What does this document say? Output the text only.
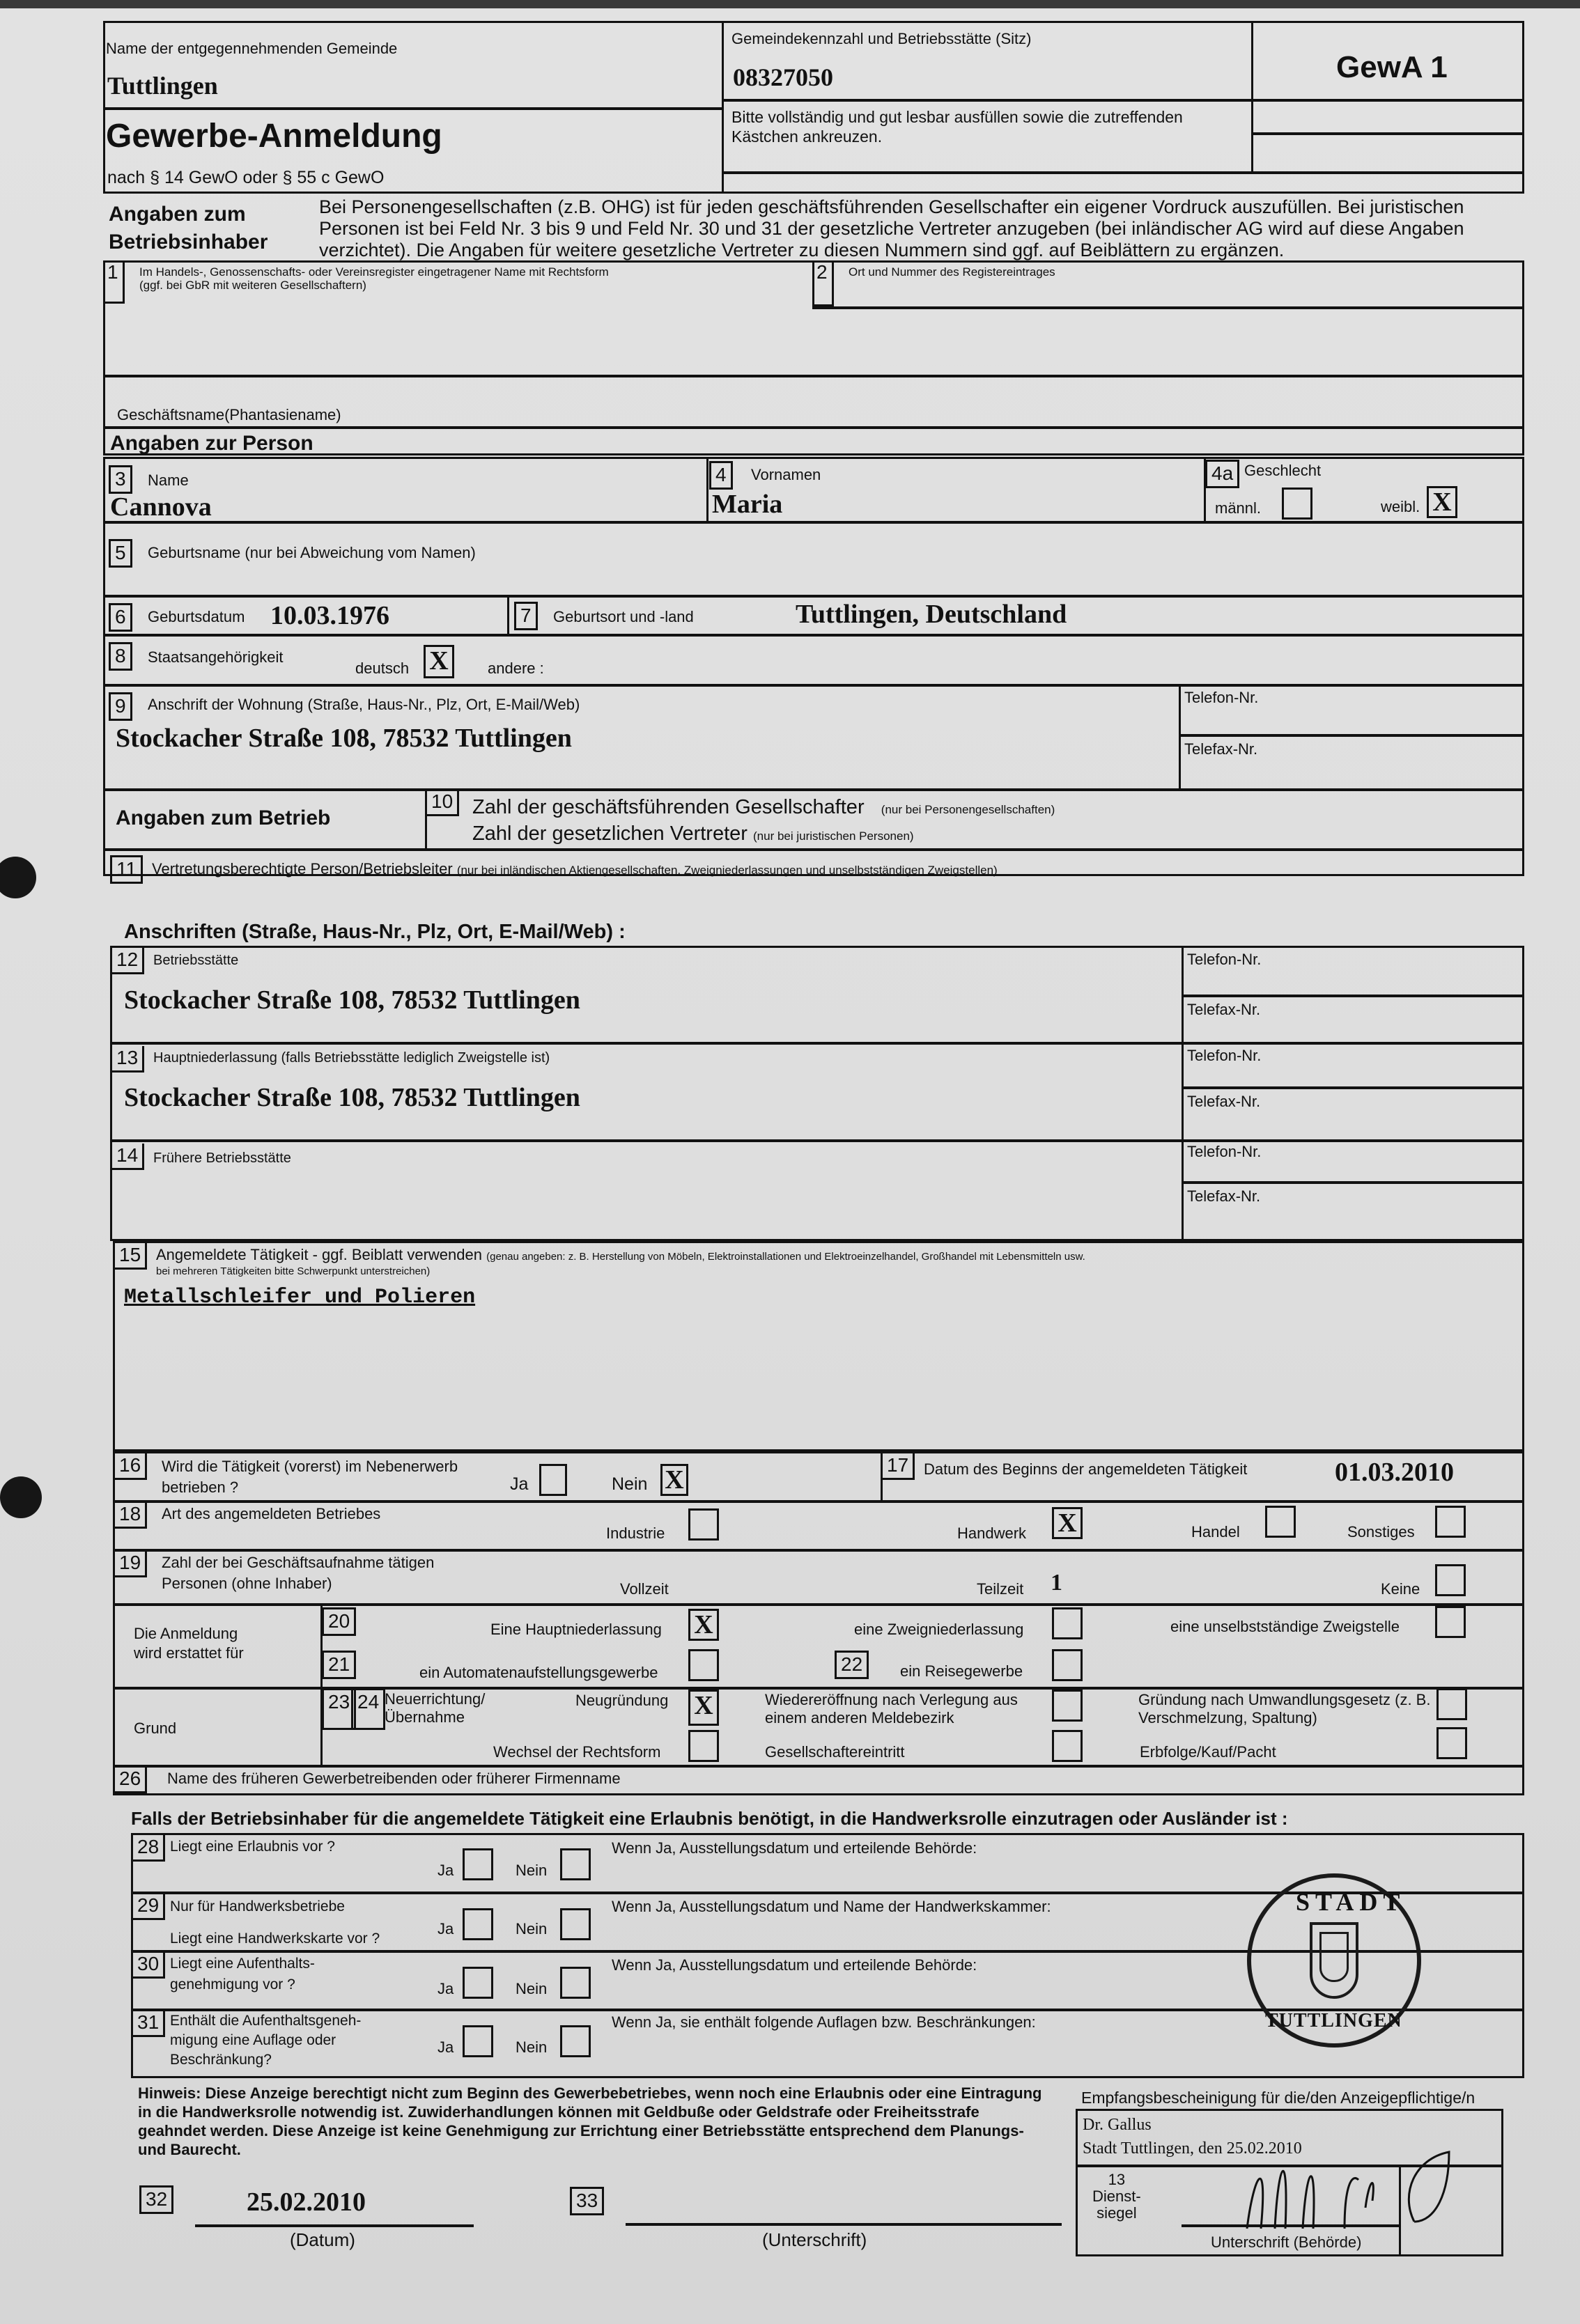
Name der entgegennehmenden Gemeinde
Tuttlingen
Gemeindekennzahl und Betriebsstätte (Sitz)
08327050	GewA 1
Gewerbe-Anmeldung
nach § 14 GewO oder § 55 c GewO
Bitte vollständig und gut lesbar ausfüllen sowie die zutreffenden Kästchen ankreuzen.
Angaben zum
Betriebsinhaber
Bei Personengesellschaften (z.B. OHG) ist für jeden geschäftsführenden Gesellschafter ein eigener Vordruck auszufüllen. Bei juristischen Personen ist bei Feld Nr. 3 bis 9 und Feld Nr. 30 und 31 der gesetzliche Vertreter anzugeben (bei inländischer AG wird auf diese Angaben verzichtet). Die Angaben für weitere gesetzliche Vertreter zu diesen Nummern sind ggf. auf Beiblättern zu ergänzen.
1	Im Handels-, Genossenschafts- oder Vereinsregister eingetragener Name mit Rechtsform (ggf. bei GbR mit weiteren Gesellschaftern)
2	Ort und Nummer des Registereintrages
Geschäftsname(Phantasiename)
Angaben zur Person
3	Name
Cannova
4	Vornamen
Maria
4a Geschlecht
männl.	weibl. X
5	Geburtsname (nur bei Abweichung vom Namen)
6	Geburtsdatum 10.03.1976	7	Geburtsort und -land	Tuttlingen, Deutschland
8	Staatsangehörigkeit
deutsch X	andere :
9	Anschrift der Wohnung (Straße, Haus-Nr., Plz, Ort, E-Mail/Web)
Stockacher Straße 108, 78532 Tuttlingen
Telefon-Nr.
Telefax-Nr.
Angaben zum Betrieb
10 Zahl der geschäftsführenden Gesellschafter (nur bei Personengesellschaften)
Zahl der gesetzlichen Vertreter (nur bei juristischen Personen)
11 Vertretungsberechtigte Person/Betriebsleiter (nur bei inländischen Aktiengesellschaften, Zweigniederlassungen und unselbstständigen Zweigstellen)
Anschriften (Straße, Haus-Nr., Plz, Ort, E-Mail/Web) :
12	Betriebsstätte
Stockacher Straße 108, 78532 Tuttlingen
Telefon-Nr.
Telefax-Nr.
13	Hauptniederlassung (falls Betriebsstätte lediglich Zweigstelle ist)
Stockacher Straße 108, 78532 Tuttlingen
Telefon-Nr.
Telefax-Nr.
14	Frühere Betriebsstätte	Telefon-Nr.
Telefax-Nr.
15 Angemeldete Tätigkeit - ggf. Beiblatt verwenden (genau angeben: z. B. Herstellung von Möbeln, Elektroinstallationen und Elektroeinzelhandel, Großhandel mit Lebensmitteln usw.
bei mehreren Tätigkeiten bitte Schwerpunkt unterstreichen)
Metallschleifer und Polieren
16	Wird die Tätigkeit (vorerst) im Nebenerwerb
betrieben ?	Ja	Nein X
17 Datum des Beginns der angemeldeten Tätigkeit	01.03.2010
18	Art des angemeldeten Betriebes
Industrie	Handwerk X	Handel	Sonstiges
19	Zahl der bei Geschäftsaufnahme tätigen
Personen (ohne Inhaber)	Vollzeit	Teilzeit 1	Keine
Die Anmeldung
wird erstattet für
20	Eine Hauptniederlassung X	eine Zweigniederlassung	eine unselbstständige Zweigstelle
21	ein Automatenaufstellungsgewerbe	22	ein Reisegewerbe
Grund
23 24 Neuerrichtung/
Übernahme
Neugründung X	Wiedereröffnung nach Verlegung aus einem anderen Meldebezirk
Gründung nach Umwandlungsgesetz (z. B. Verschmelzung, Spaltung)
Wechsel der Rechtsform	Gesellschaftereintritt	Erbfolge/Kauf/Pacht
26	Name des früheren Gewerbetreibenden oder früherer Firmenname
Falls der Betriebsinhaber für die angemeldete Tätigkeit eine Erlaubnis benötigt, in die Handwerksrolle einzutragen oder Ausländer ist :
28 Liegt eine Erlaubnis vor ?
Ja	Nein
Wenn Ja, Ausstellungsdatum und erteilende Behörde:
29 Nur für Handwerksbetriebe
Liegt eine Handwerkskarte vor ?
Ja	Nein
Wenn Ja, Ausstellungsdatum und Name der Handwerkskammer:
30 Liegt eine Aufenthalts-
genehmigung vor ?	Ja	Nein
Wenn Ja, Ausstellungsdatum und erteilende Behörde:
31 Enthält die Aufenthaltsgeneh-
migung eine Auflage oder
Beschränkung?
Ja	Nein
Wenn Ja, sie enthält folgende Auflagen bzw. Beschränkungen:
Hinweis: Diese Anzeige berechtigt nicht zum Beginn des Gewerbebetriebes, wenn noch eine Erlaubnis oder eine Eintragung in die Handwerksrolle notwendig ist. Zuwiderhandlungen können mit Geldbuße oder Geldstrafe oder Freiheitsstrafe geahndet werden. Diese Anzeige ist keine Genehmigung zur Errichtung einer Betriebsstätte entsprechend dem Planungs- und Baurecht.
32	25.02.2010
(Datum)
33
(Unterschrift)
Empfangsbescheinigung für die/den Anzeigepflichtige/n
Dr. Gallus
Stadt Tuttlingen, den 25.02.2010
13
Dienst-
siegel
Unterschrift (Behörde)
STADT
TUTTLINGEN
